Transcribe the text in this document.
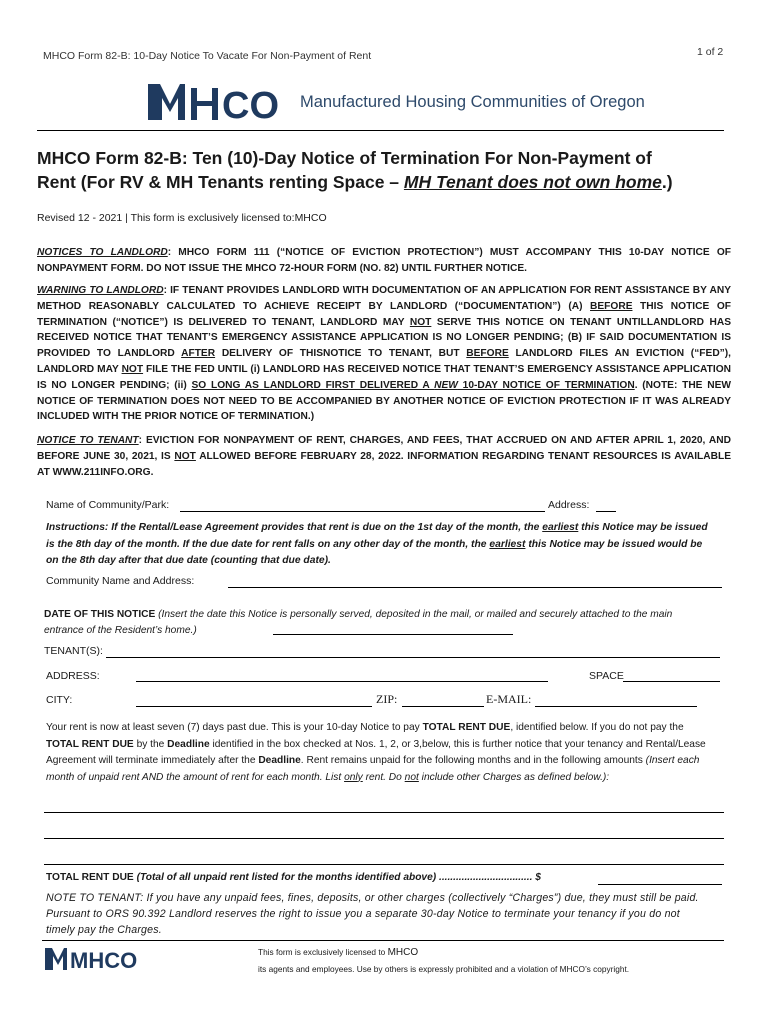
MHCO Form 82-B: 10-Day Notice To Vacate For Non-Payment of Rent	1 of 2
CO Manufactured Housing Communities of Oregon
MHCO Form 82-B: Ten (10)-Day Notice of Termination For Non-Payment of
Rent (For RV & MH Tenants renting Space – MH Tenant does not own home.)
Revised 12 - 2021 | This form is exclusively licensed to:MHCO
NOTICES TO LANDLORD: MHCO FORM 111 (“NOTICE OF EVICTION PROTECTION”) MUST ACCOMPANY THIS 10-DAY NOTICE OF NONPAYMENT FORM. DO NOT ISSUE THE MHCO 72-HOUR FORM (NO. 82) UNTIL FURTHER NOTICE.
WARNING TO LANDLORD: IF TENANT PROVIDES LANDLORD WITH DOCUMENTATION OF AN APPLICATION FOR RENT ASSISTANCE BY ANY METHOD REASONABLY CALCULATED TO ACHIEVE RECEIPT BY LANDLORD (“DOCUMENTATION”) (A) BEFORE THIS NOTICE OF TERMINATION (“NOTICE”) IS DELIVERED TO TENANT, LANDLORD MAY NOT SERVE THIS NOTICE ON TENANT UNTILLANDLORD HAS RECEIVED NOTICE THAT TENANT’S EMERGENCY ASSISTANCE APPLICATION IS NO LONGER PENDING; (B) IF SAID DOCUMENTATION IS PROVIDED TO LANDLORD AFTER DELIVERY OF THISNOTICE TO TENANT, BUT BEFORE LANDLORD FILES AN EVICTION (“FED”), LANDLORD MAY NOT FILE THE FED UNTIL (i) LANDLORD HAS RECEIVED NOTICE THAT TENANT’S EMERGENCY ASSISTANCE APPLICATION IS NO LONGER PENDING; (ii) SO LONG AS LANDLORD FIRST DELIVERED A NEW 10-DAY NOTICE OF TERMINATION. (NOTE: THE NEW NOTICE OF TERMINATION DOES NOT NEED TO BE ACCOMPANIED BY ANOTHER NOTICE OF EVICTION PROTECTION IF IT WAS ALREADY INCLUDED WITH THE PRIOR NOTICE OF TERMINATION.)
NOTICE TO TENANT: EVICTION FOR NONPAYMENT OF RENT, CHARGES, AND FEES, THAT ACCRUED ON AND AFTER APRIL 1, 2020, AND BEFORE JUNE 30, 2021, IS NOT ALLOWED BEFORE FEBRUARY 28, 2022. INFORMATION REGARDING TENANT RESOURCES IS AVAILABLE AT WWW.211INFO.ORG.
Name of Community/Park:	Address:
Instructions: If the Rental/Lease Agreement provides that rent is due on the 1st day of the month, the earliest this Notice may be issued is the 8th day of the month. If the due date for rent falls on any other day of the month, the earliest this Notice may be issued would be on the 8th day after that due date (counting that due date).
Community Name and Address:
DATE OF THIS NOTICE (Insert the date this Notice is personally served, deposited in the mail, or mailed and securely attached to the main entrance of the Resident’s home.)
TENANT(S):
ADDRESS:	SPACE
CITY:	ZIP:	E-MAIL:
Your rent is now at least seven (7) days past due. This is your 10-day Notice to pay TOTAL RENT DUE, identified below. If you do not pay the TOTAL RENT DUE by the Deadline identified in the box checked at Nos. 1, 2, or 3,below, this is further notice that your tenancy and Rental/Lease Agreement will terminate immediately after the Deadline. Rent remains unpaid for the following months and in the following amounts (Insert each month of unpaid rent AND the amount of rent for each month. List only rent. Do not include other Charges as defined below.):
TOTAL RENT DUE (Total of all unpaid rent listed for the months identified above) ................................. $
NOTE TO TENANT: If you have any unpaid fees, fines, deposits, or other charges (collectively “Charges”) due, they must still be paid. Pursuant to ORS 90.392 Landlord reserves the right to issue you a separate 30-day Notice to terminate your tenancy if you do not timely pay the Charges.
MHCO	This form is exclusively licensed to MHCO
its agents and employees. Use by others is expressly prohibited and a violation of MHCO’s copyright.
